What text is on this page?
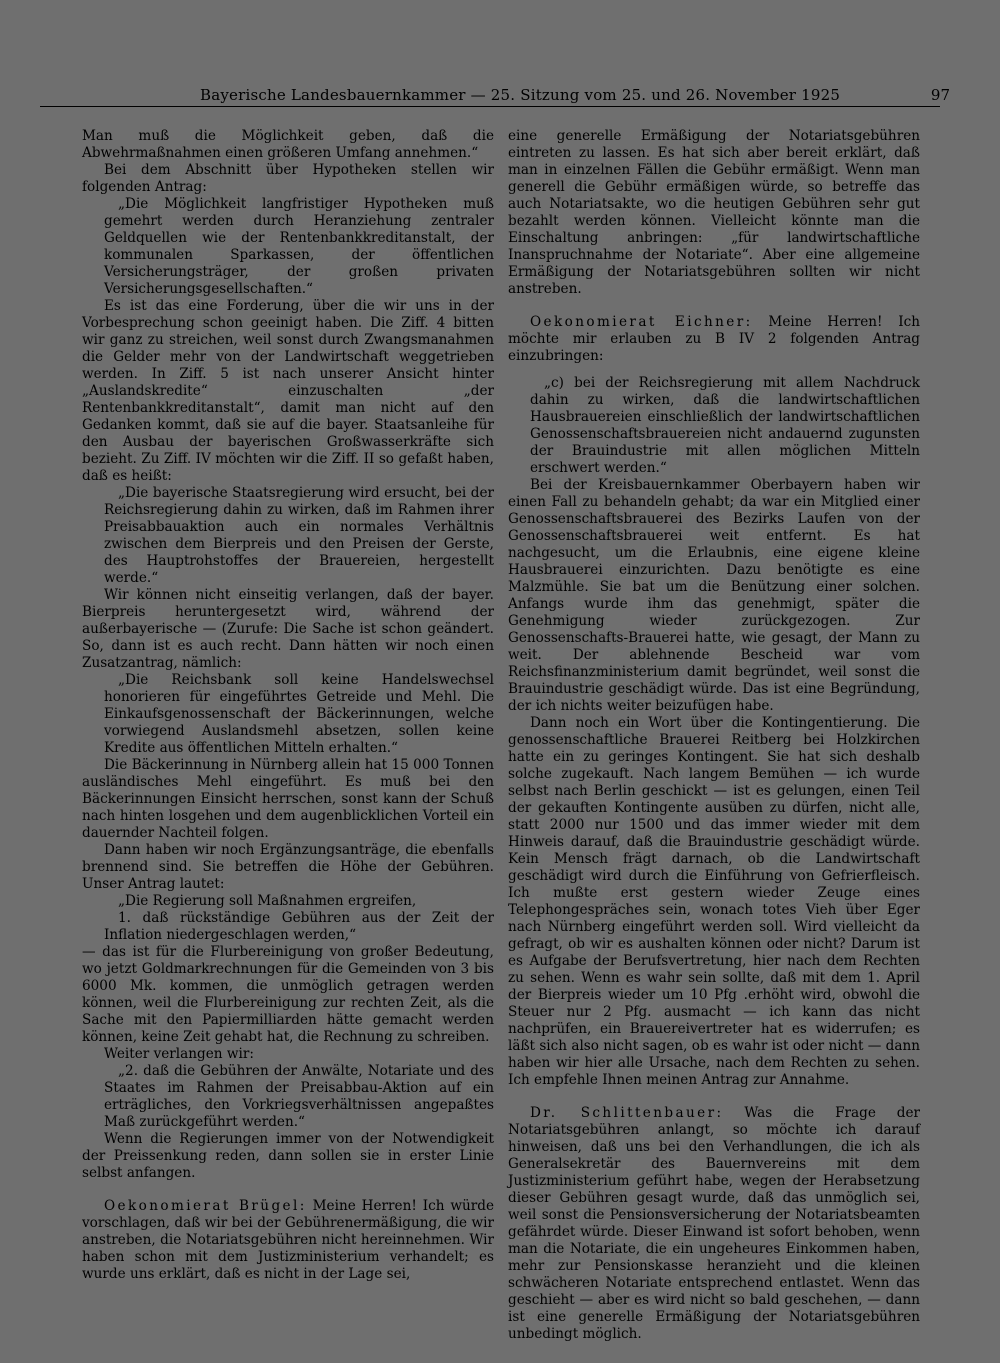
Bayerische Landesbauernkammer — 25. Sitzung vom 25. und 26. November 1925	97

Man muß die Möglichkeit geben, daß die Abwehrmaßnahmen einen größeren Umfang annehmen.“

Bei dem Abschnitt über Hypotheken stellen wir folgenden Antrag:

„Die Möglichkeit langfristiger Hypotheken muß gemehrt werden durch Heranziehung zentraler Geldquellen wie der Rentenbankkreditanstalt, der kommunalen Sparkassen, der öffentlichen Versicherungsträger, der großen privaten Versicherungsgesellschaften.“

Es ist das eine Forderung, über die wir uns in der Vorbesprechung schon geeinigt haben. Die Ziff. 4 bitten wir ganz zu streichen, weil sonst durch Zwangsmanahmen die Gelder mehr von der Landwirtschaft weggetrieben werden. In Ziff. 5 ist nach unserer Ansicht hinter „Auslandskredite“ einzuschalten „der Rentenbankkreditanstalt“, damit man nicht auf den Gedanken kommt, daß sie auf die bayer. Staatsanleihe für den Ausbau der bayerischen Großwasserkräfte sich bezieht. Zu Ziff. IV möchten wir die Ziff. II so gefaßt haben, daß es heißt:

„Die bayerische Staatsregierung wird ersucht, bei der Reichsregierung dahin zu wirken, daß im Rahmen ihrer Preisabbauaktion auch ein normales Verhältnis zwischen dem Bierpreis und den Preisen der Gerste, des Hauptrohstoffes der Brauereien, hergestellt werde.“

Wir können nicht einseitig verlangen, daß der bayer. Bierpreis heruntergesetzt wird, während der außerbayerische — (Zurufe: Die Sache ist schon geändert. So, dann ist es auch recht. Dann hätten wir noch einen Zusatzantrag, nämlich:

„Die Reichsbank soll keine Handelswechsel honorieren für eingeführtes Getreide und Mehl. Die Einkaufsgenossenschaft der Bäckerinnungen, welche vorwiegend Auslandsmehl absetzen, sollen keine Kredite aus öffentlichen Mitteln erhalten.“

Die Bäckerinnung in Nürnberg allein hat 15 000 Tonnen ausländisches Mehl eingeführt. Es muß bei den Bäckerinnungen Einsicht herrschen, sonst kann der Schuß nach hinten losgehen und dem augenblicklichen Vorteil ein dauernder Nachteil folgen.

Dann haben wir noch Ergänzungsanträge, die ebenfalls brennend sind. Sie betreffen die Höhe der Gebühren. Unser Antrag lautet:

„Die Regierung soll Maßnahmen ergreifen,

1. daß rückständige Gebühren aus der Zeit der Inflation niedergeschlagen werden,“

— das ist für die Flurbereinigung von großer Bedeutung, wo jetzt Goldmarkrechnungen für die Gemeinden von 3 bis 6000 Mk. kommen, die unmöglich getragen werden können, weil die Flurbereinigung zur rechten Zeit, als die Sache mit den Papiermilliarden hätte gemacht werden können, keine Zeit gehabt hat, die Rechnung zu schreiben.

Weiter verlangen wir:

„2. daß die Gebühren der Anwälte, Notariate und des Staates im Rahmen der Preisabbau-Aktion auf ein erträgliches, den Vorkriegsverhältnissen angepaßtes Maß zurückgeführt werden.“

Wenn die Regierungen immer von der Notwendigkeit der Preissenkung reden, dann sollen sie in erster Linie selbst anfangen.

Oekonomierat Brügel: Meine Herren! Ich würde vorschlagen, daß wir bei der Gebührenermäßigung, die wir anstreben, die Notariatsgebühren nicht hereinnehmen. Wir haben schon mit dem Justizministerium verhandelt; es wurde uns erklärt, daß es nicht in der Lage sei,

eine generelle Ermäßigung der Notariatsgebühren eintreten zu lassen. Es hat sich aber bereit erklärt, daß man in einzelnen Fällen die Gebühr ermäßigt. Wenn man generell die Gebühr ermäßigen würde, so betreffe das auch Notariatsakte, wo die heutigen Gebühren sehr gut bezahlt werden können. Vielleicht könnte man die Einschaltung anbringen: „für landwirtschaftliche Inanspruchnahme der Notariate“. Aber eine allgemeine Ermäßigung der Notariatsgebühren sollten wir nicht anstreben.

Oekonomierat Eichner: Meine Herren! Ich möchte mir erlauben zu B IV 2 folgenden Antrag einzubringen:

„c) bei der Reichsregierung mit allem Nachdruck dahin zu wirken, daß die landwirtschaftlichen Hausbrauereien einschließlich der landwirtschaftlichen Genossenschaftsbrauereien nicht andauernd zugunsten der Brauindustrie mit allen möglichen Mitteln erschwert werden.“

Bei der Kreisbauernkammer Oberbayern haben wir einen Fall zu behandeln gehabt; da war ein Mitglied einer Genossenschaftsbrauerei des Bezirks Laufen von der Genossenschaftsbrauerei weit entfernt. Es hat nachgesucht, um die Erlaubnis, eine eigene kleine Hausbrauerei einzurichten. Dazu benötigte es eine Malzmühle. Sie bat um die Benützung einer solchen. Anfangs wurde ihm das genehmigt, später die Genehmigung wieder zurückgezogen. Zur Genossenschafts-Brauerei hatte, wie gesagt, der Mann zu weit. Der ablehnende Bescheid war vom Reichsfinanzministerium damit begründet, weil sonst die Brauindustrie geschädigt würde. Das ist eine Begründung, der ich nichts weiter beizufügen habe.

Dann noch ein Wort über die Kontingentierung. Die genossenschaftliche Brauerei Reitberg bei Holzkirchen hatte ein zu geringes Kontingent. Sie hat sich deshalb solche zugekauft. Nach langem Bemühen — ich wurde selbst nach Berlin geschickt — ist es gelungen, einen Teil der gekauften Kontingente ausüben zu dürfen, nicht alle, statt 2000 nur 1500 und das immer wieder mit dem Hinweis darauf, daß die Brauindustrie geschädigt würde. Kein Mensch frägt darnach, ob die Landwirtschaft geschädigt wird durch die Einführung von Gefrierfleisch. Ich mußte erst gestern wieder Zeuge eines Telephongespräches sein, wonach totes Vieh über Eger nach Nürnberg eingeführt werden soll. Wird vielleicht da gefragt, ob wir es aushalten können oder nicht? Darum ist es Aufgabe der Berufsvertretung, hier nach dem Rechten zu sehen. Wenn es wahr sein sollte, daß mit dem 1. April der Bierpreis wieder um 10 Pfg .erhöht wird, obwohl die Steuer nur 2 Pfg. ausmacht — ich kann das nicht nachprüfen, ein Brauereivertreter hat es widerrufen; es läßt sich also nicht sagen, ob es wahr ist oder nicht — dann haben wir hier alle Ursache, nach dem Rechten zu sehen. Ich empfehle Ihnen meinen Antrag zur Annahme.

Dr. Schlittenbauer: Was die Frage der Notariatsgebühren anlangt, so möchte ich darauf hinweisen, daß uns bei den Verhandlungen, die ich als Generalsekretär des Bauernvereins mit dem Justizministerium geführt habe, wegen der Herabsetzung dieser Gebühren gesagt wurde, daß das unmöglich sei, weil sonst die Pensionsversicherung der Notariatsbeamten gefährdet würde. Dieser Einwand ist sofort behoben, wenn man die Notariate, die ein ungeheures Einkommen haben, mehr zur Pensionskasse heranzieht und die kleinen schwächeren Notariate entsprechend entlastet. Wenn das geschieht — aber es wird nicht so bald geschehen, — dann ist eine generelle Ermäßigung der Notariatsgebühren unbedingt möglich.
